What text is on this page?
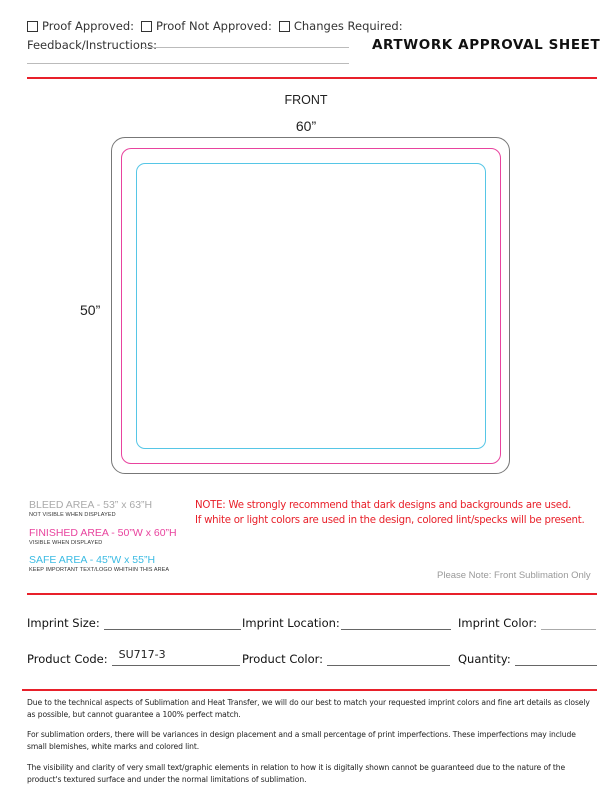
Proof Approved: Proof Not Approved: Changes Required:
Feedback/Instructions:	ARTWORK APPROVAL SHEET
FRONT
60”
50”
BLEED AREA - 53” x 63”H
NOT VISIBLE WHEN DISPLAYED
FINISHED AREA - 50”W x 60”H
VISIBLE WHEN DISPLAYED
SAFE AREA - 45”W x 55”H
KEEP IMPORTANT TEXT/LOGO WHITHIN THIS AREA
NOTE: We strongly recommend that dark designs and backgrounds are used.
If white or light colors are used in the design, colored lint/specks will be present.
Please Note: Front Sublimation Only
Imprint Size:	Imprint Location:	Imprint Color:
Product Code: SU717-3	Product Color:	Quantity:
Due to the technical aspects of Sublimation and Heat Transfer, we will do our best to match your requested imprint colors and fine art details as closely as possible, but cannot guarantee a 100% perfect match.
For sublimation orders, there will be variances in design placement and a small percentage of print imperfections. These imperfections may include small blemishes, white marks and colored lint.
The visibility and clarity of very small text/graphic elements in relation to how it is digitally shown cannot be guaranteed due to the nature of the product's textured surface and under the normal limitations of sublimation.
